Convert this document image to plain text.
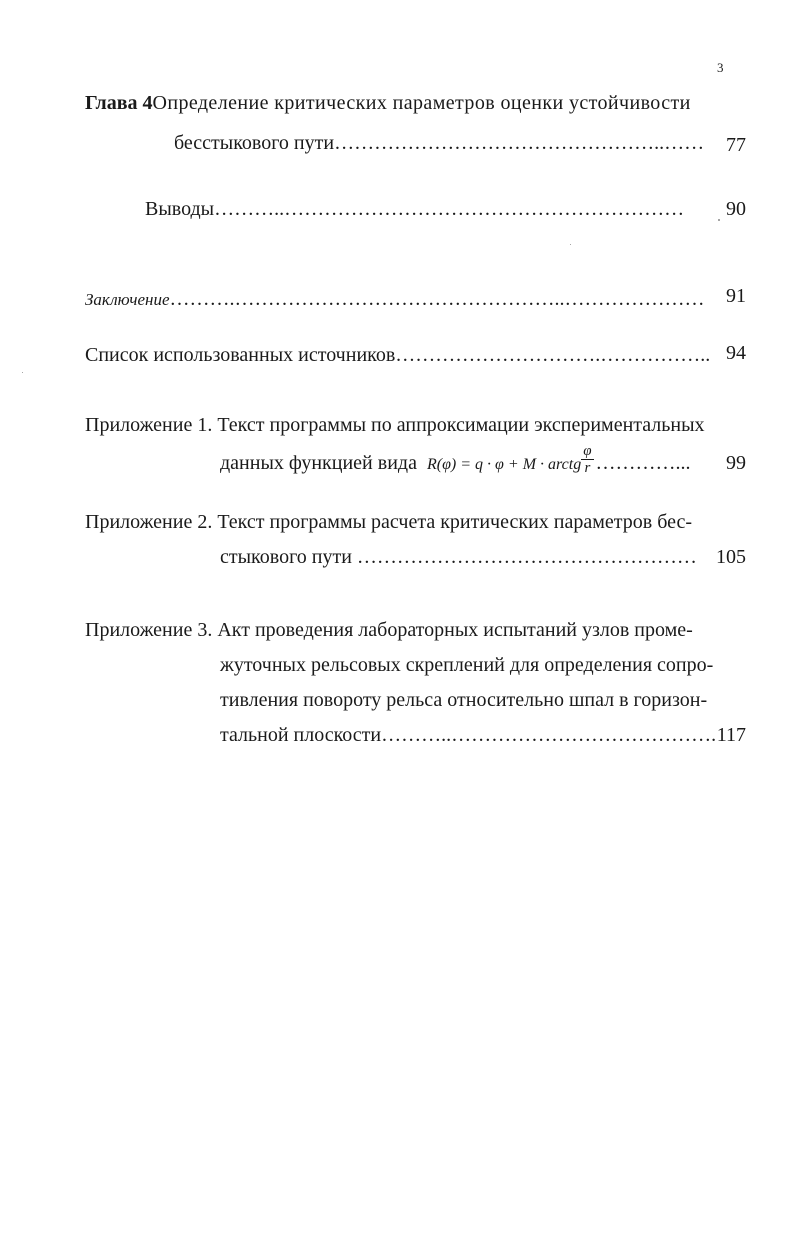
3
Глава 4 Определение критических параметров оценки устойчивости
бесстыкового пути…………………………………………..……	77
Выводы………..……………………………………………………	90
Заключение……….…………………………………………..…………………	91
Список использованных источников………………………….…………….. 94
Приложение 1. Текст программы по аппроксимации экспериментальных
данных функцией вида R(φ) = q · φ + M · arctg $\frac{\varphi}{r}$ …………...	99
Приложение 2. Текст программы расчета критических параметров бес-
стыкового пути …………………………………………… 105
Приложение 3. Акт проведения лабораторных испытаний узлов проме-
жуточных рельсовых скреплений для определения сопро-
тивления повороту рельса относительно шпал в горизон-
тальной плоскости………..…………………………………. 117
